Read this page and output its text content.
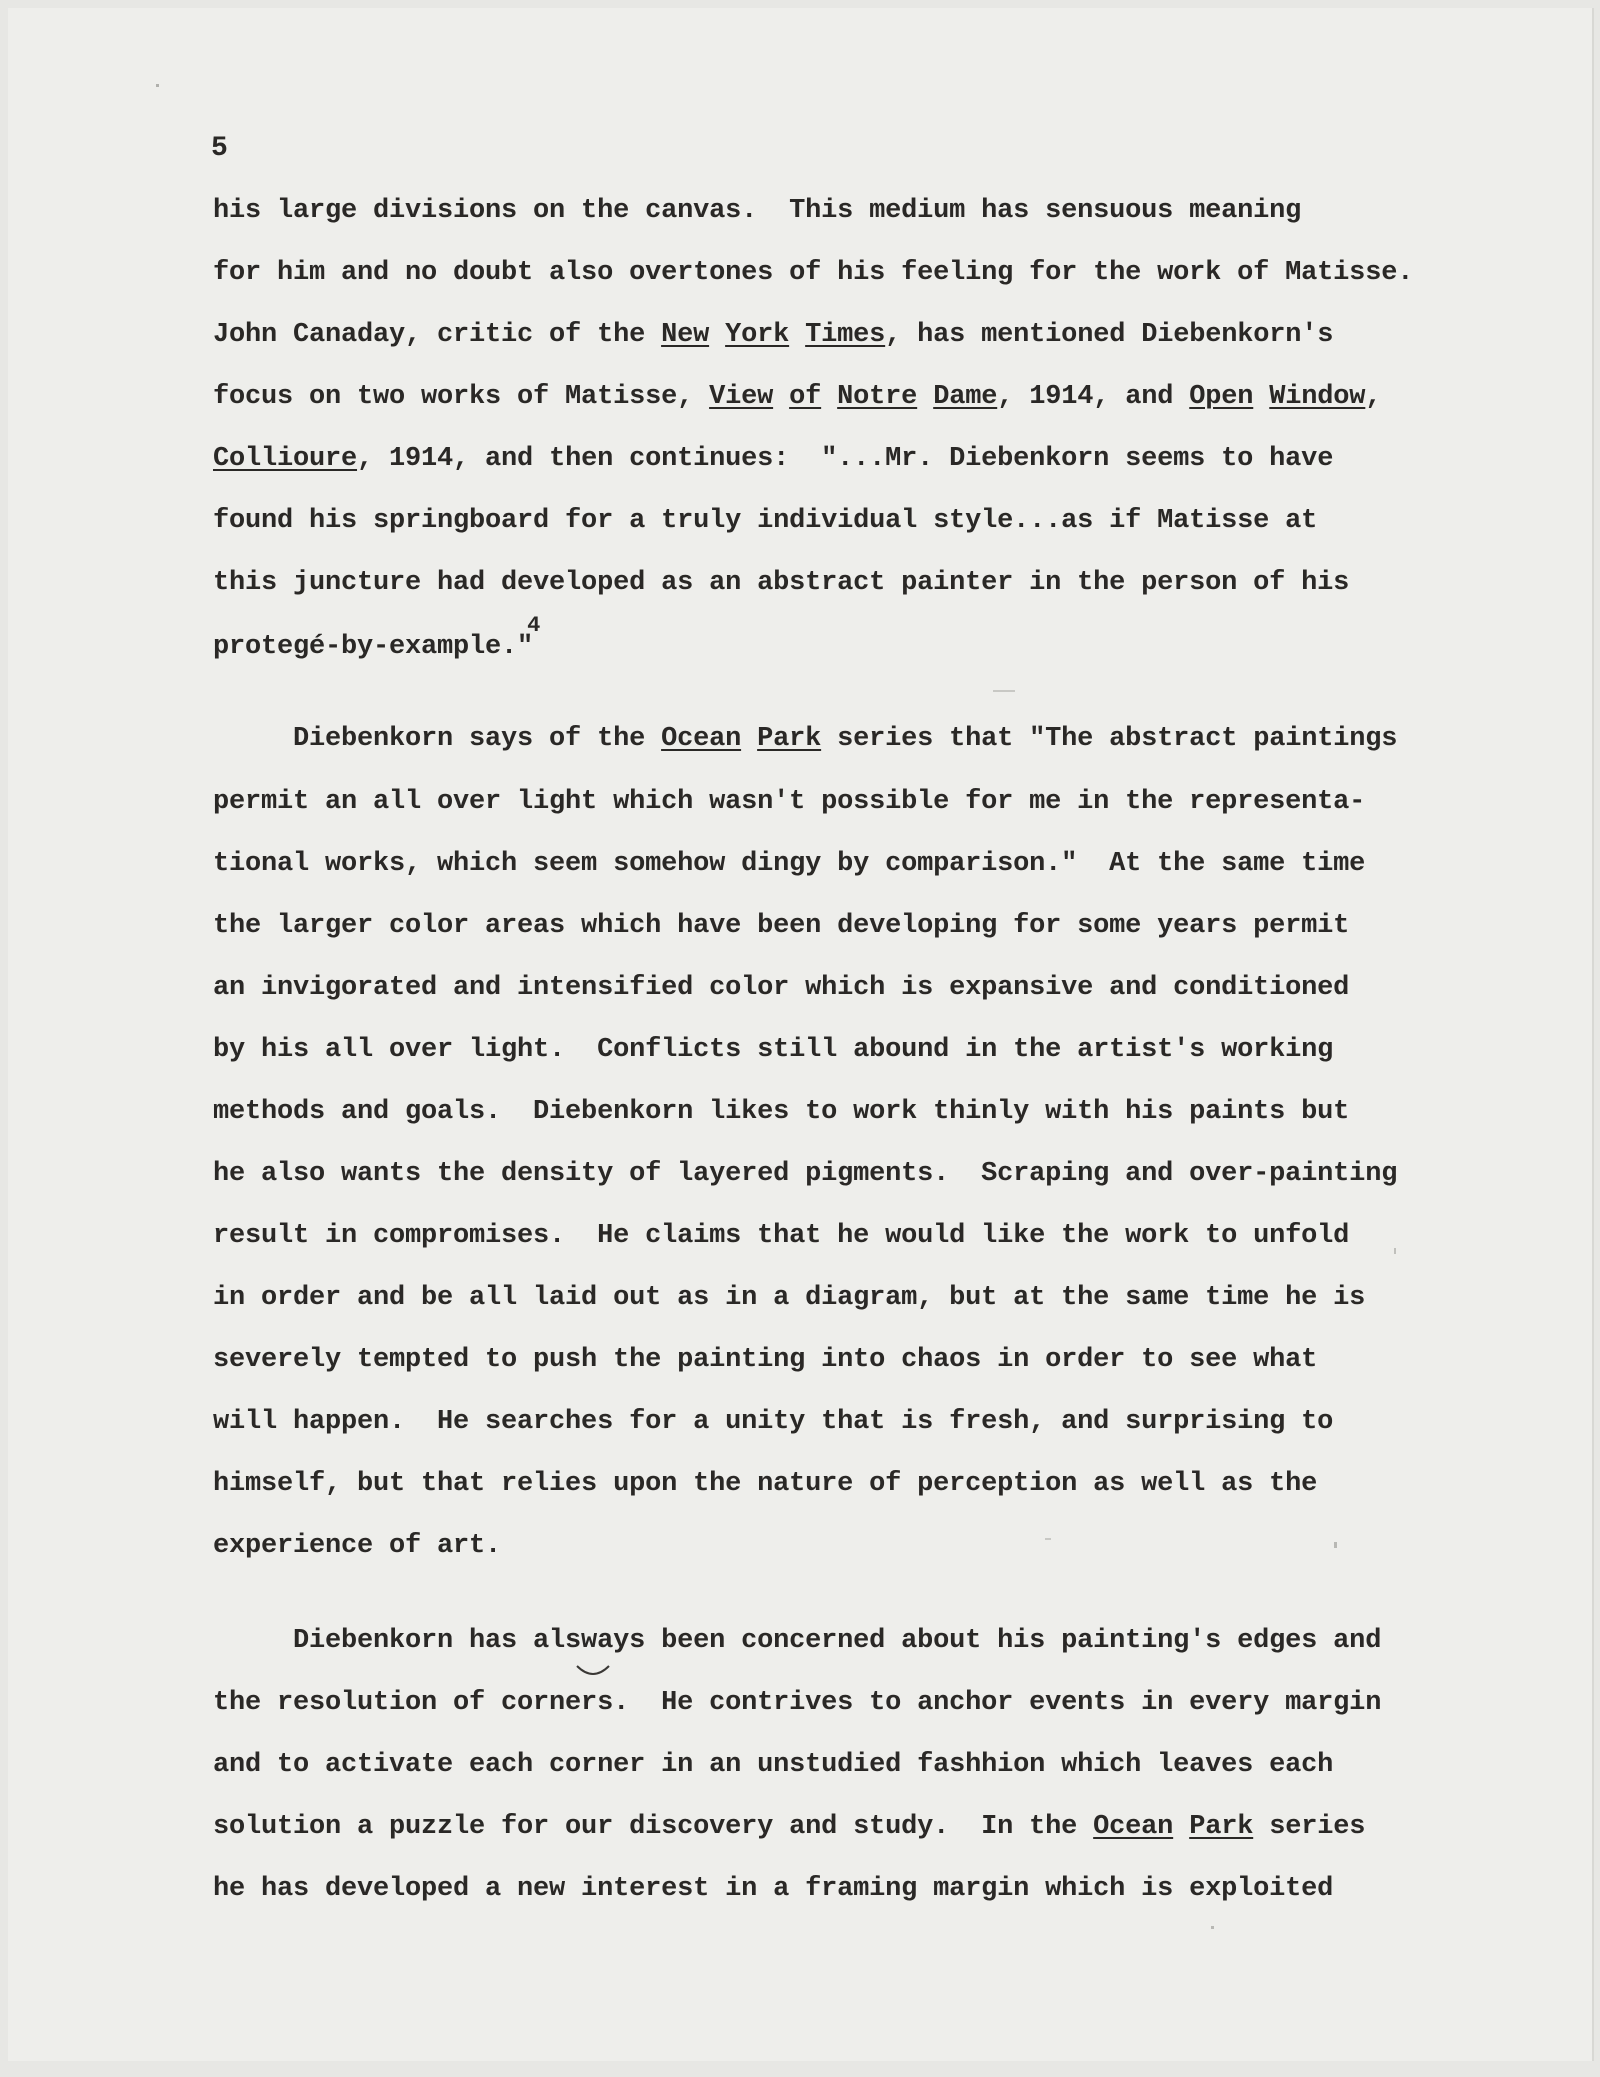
5

his large divisions on the canvas.  This medium has sensuous meaning

for him and no doubt also overtones of his feeling for the work of Matisse.

John Canaday, critic of the New York Times, has mentioned Diebenkorn's

focus on two works of Matisse, View of Notre Dame, 1914, and Open Window,

Collioure, 1914, and then continues:  "...Mr. Diebenkorn seems to have

found his springboard for a truly individual style...as if Matisse at

this juncture had developed as an abstract painter in the person of his

protegé-by-example."$^4$

Diebenkorn says of the Ocean Park series that "The abstract paintings

permit an all over light which wasn't possible for me in the representa-

tional works, which seem somehow dingy by comparison."  At the same time

the larger color areas which have been developing for some years permit

an invigorated and intensified color which is expansive and conditioned

by his all over light.  Conflicts still abound in the artist's working

methods and goals.  Diebenkorn likes to work thinly with his paints but

he also wants the density of layered pigments.  Scraping and over-painting

result in compromises.  He claims that he would like the work to unfold

in order and be all laid out as in a diagram, but at the same time he is

severely tempted to push the painting into chaos in order to see what

will happen.  He searches for a unity that is fresh, and surprising to

himself, but that relies upon the nature of perception as well as the

experience of art.

Diebenkorn has alsways been concerned about his painting's edges and

the resolution of corners.  He contrives to anchor events in every margin

and to activate each corner in an unstudied fashhion which leaves each

solution a puzzle for our discovery and study.  In the Ocean Park series

he has developed a new interest in a framing margin which is exploited
